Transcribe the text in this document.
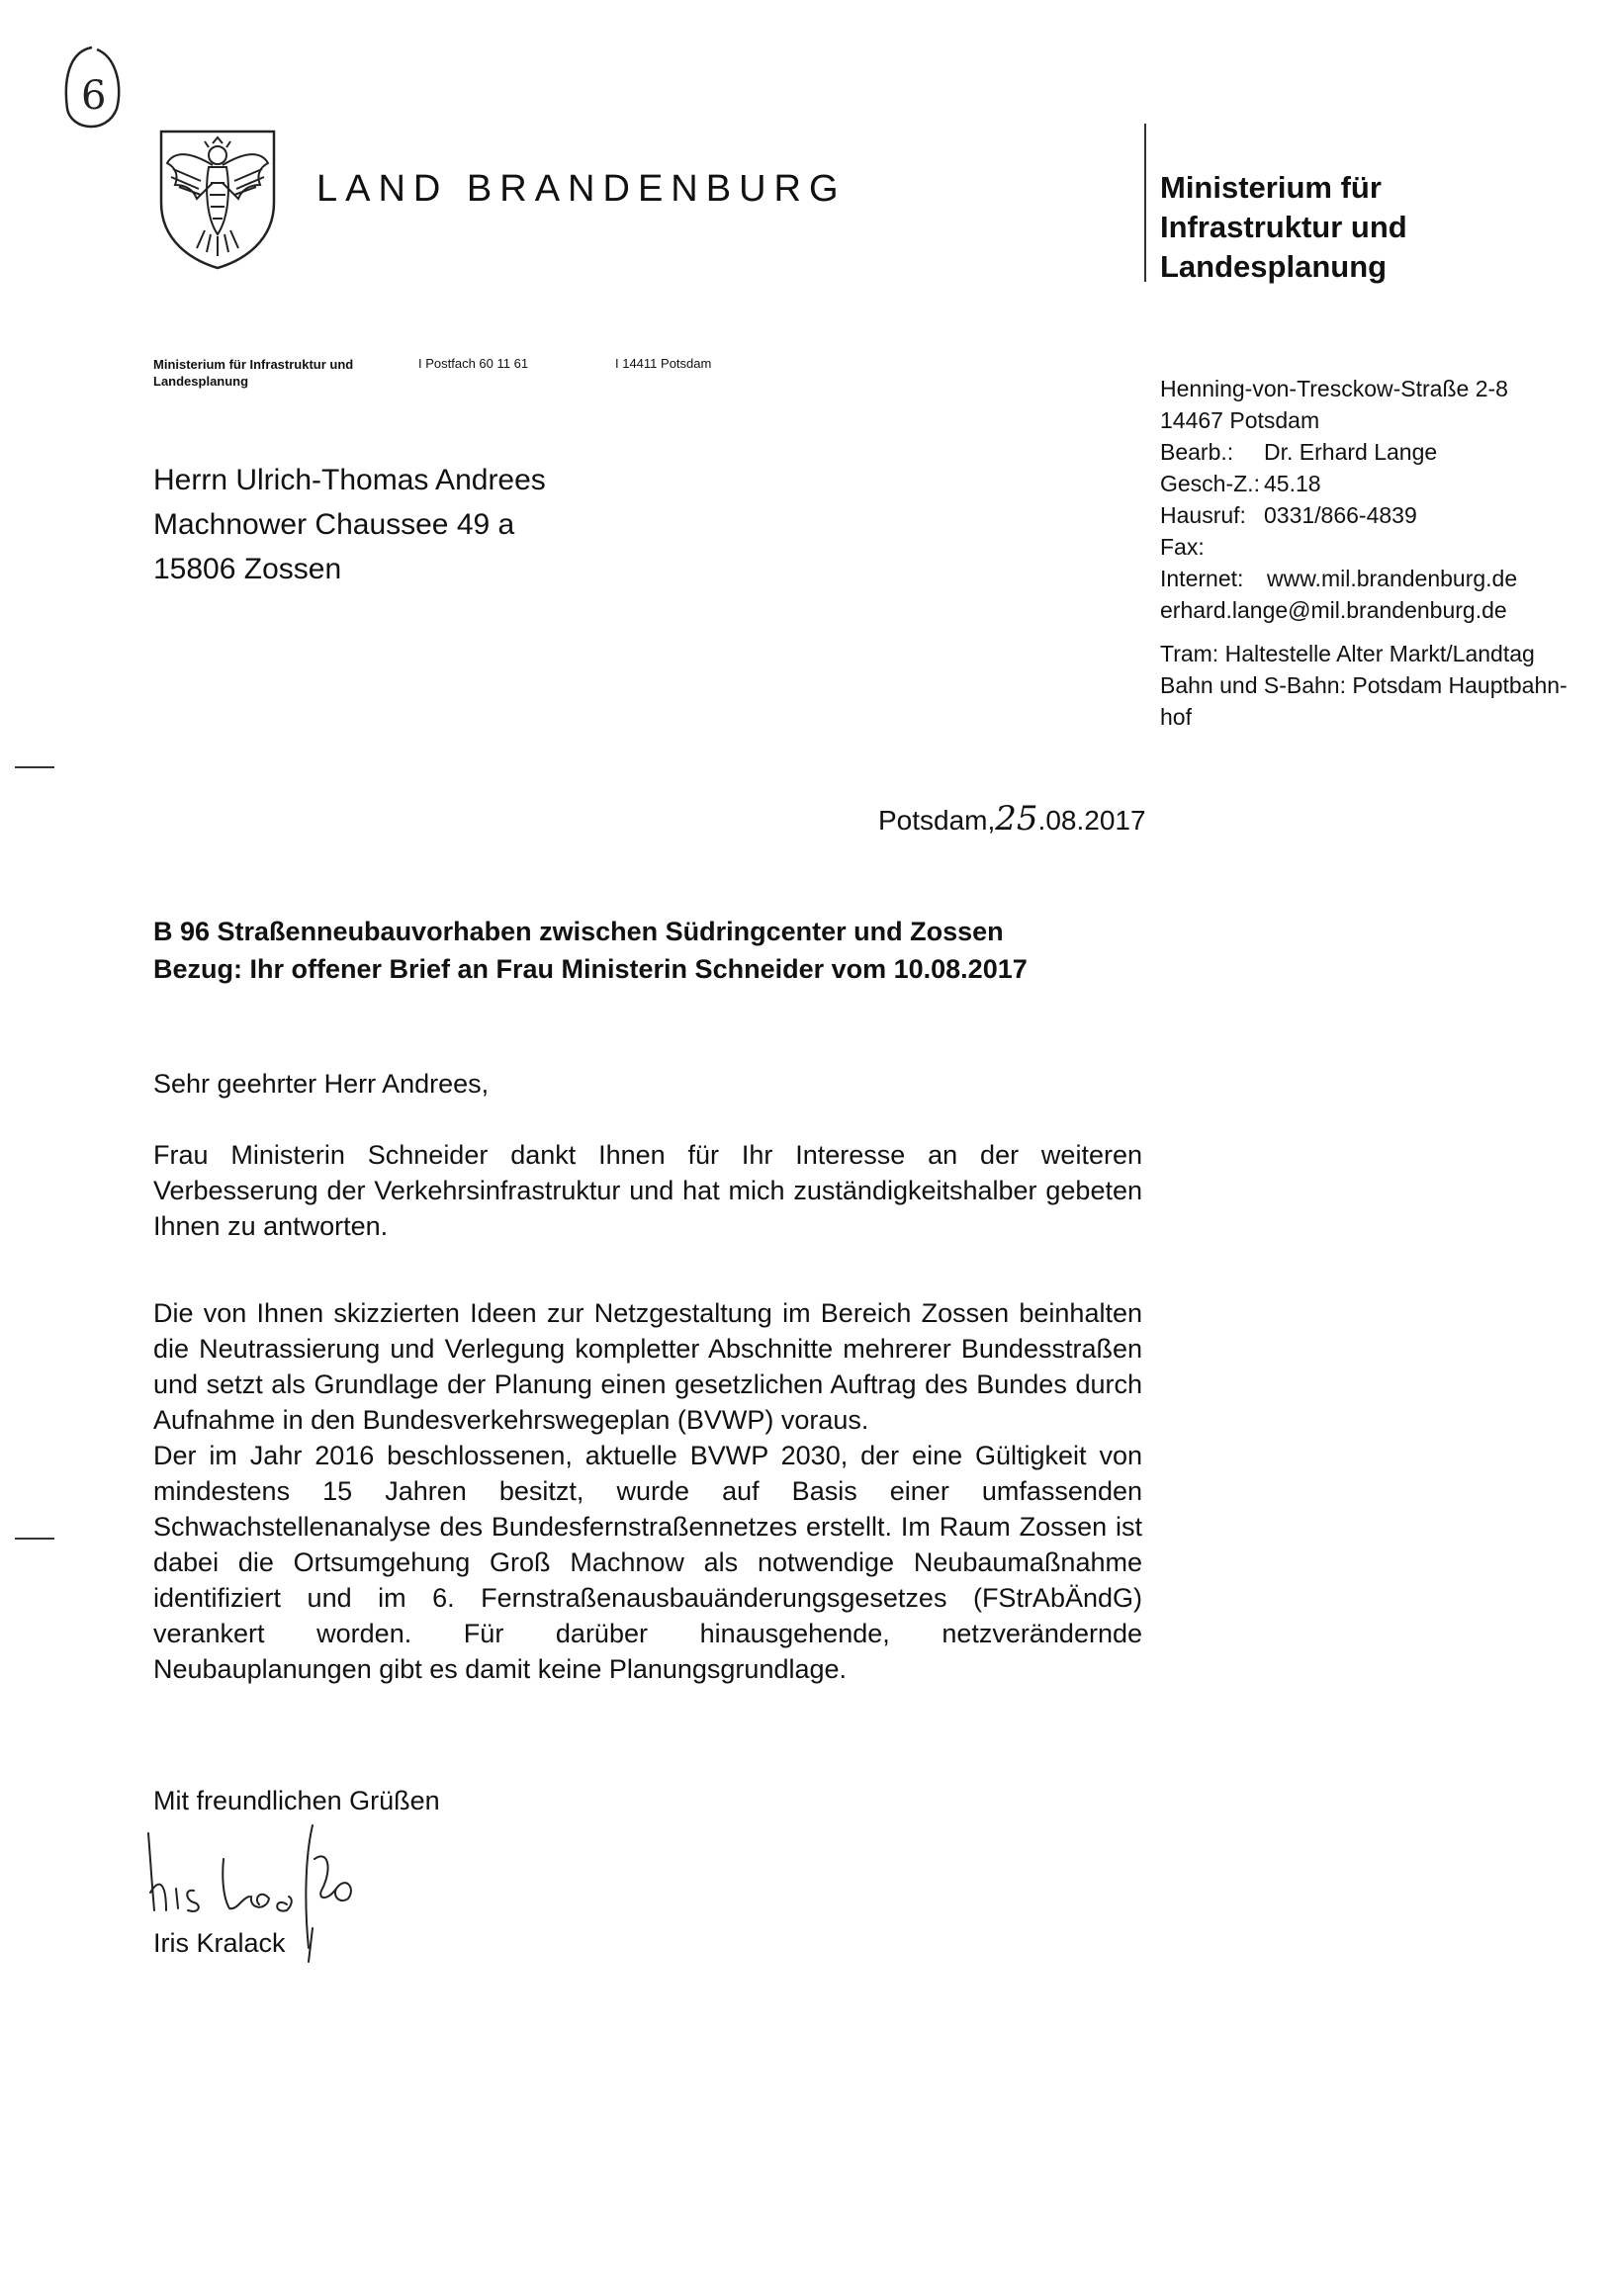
6
LAND BRANDENBURG	Ministerium für
Infrastruktur und
Landesplanung
Ministerium für Infrastruktur und
Landesplanung
I Postfach 60 11 61	I 14411 Potsdam
Herrn Ulrich-Thomas Andrees
Machnower Chaussee 49 a
15806 Zossen
Henning-von-Tresckow-Straße 2-8
14467 Potsdam
Bearb.: Dr. Erhard Lange
Gesch-Z.: 45.18
Hausruf: 0331/866-4839
Fax:
Internet: www.mil.brandenburg.de
erhard.lange@mil.brandenburg.de
Tram: Haltestelle Alter Markt/Landtag
Bahn und S-Bahn: Potsdam Hauptbahn-
hof
Potsdam,25.08.2017
B 96 Straßenneubauvorhaben zwischen Südringcenter und Zossen
Bezug: Ihr offener Brief an Frau Ministerin Schneider vom 10.08.2017
Sehr geehrter Herr Andrees,

Frau Ministerin Schneider dankt Ihnen für Ihr Interesse an der weiteren Verbesserung der Verkehrsinfrastruktur und hat mich zuständigkeitshalber gebeten Ihnen zu antworten.

Die von Ihnen skizzierten Ideen zur Netzgestaltung im Bereich Zossen beinhalten die Neutrassierung und Verlegung kompletter Abschnitte mehrerer Bundesstraßen und setzt als Grundlage der Planung einen gesetzlichen Auftrag des Bundes durch Aufnahme in den Bundesverkehrswegeplan (BVWP) voraus.

Der im Jahr 2016 beschlossenen, aktuelle BVWP 2030, der eine Gültigkeit von mindestens 15 Jahren besitzt, wurde auf Basis einer umfassenden Schwachstellenanalyse des Bundesfernstraßennetzes erstellt. Im Raum Zossen ist dabei die Ortsumgehung Groß Machnow als notwendige Neubaumaßnahme identifiziert und im 6. Fernstraßenausbauänderungsgesetzes (FStrAbÄndG) verankert worden. Für darüber hinausgehende, netzverändernde Neubauplanungen gibt es damit keine Planungsgrundlage.

Mit freundlichen Grüßen
Iris Kralack
